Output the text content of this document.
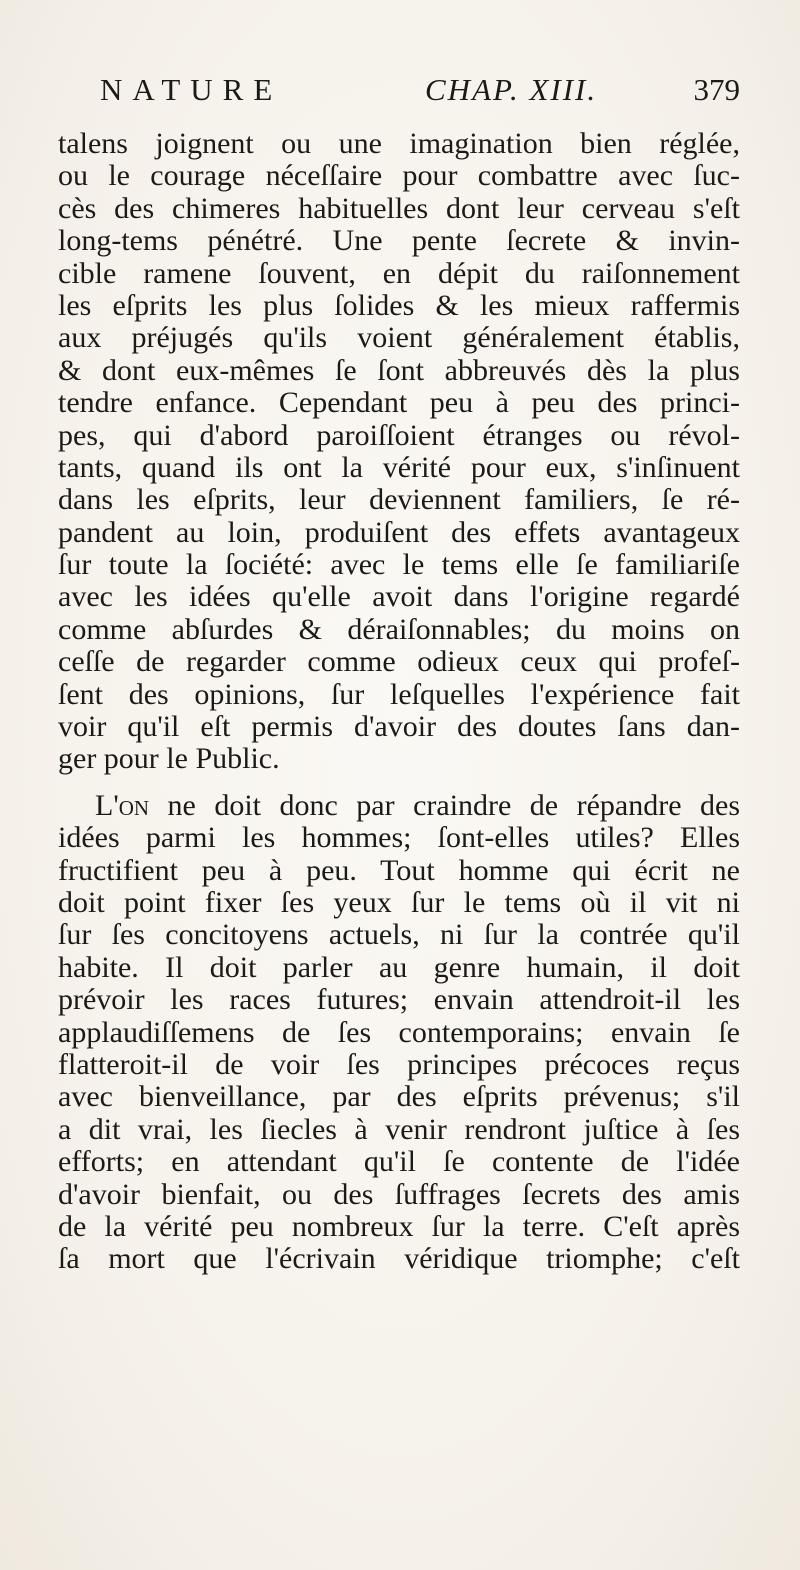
NATURE	CHAP. XIII.	379
talens joignent ou une imagination bien réglée,
ou le courage néceſſaire pour combattre avec ſuc-
cès des chimeres habituelles dont leur cerveau s'eſt
long-tems pénétré. Une pente ſecrete & invin-
cible ramene ſouvent, en dépit du raiſonnement
les eſprits les plus ſolides & les mieux raffermis
aux préjugés qu'ils voient généralement établis,
& dont eux-mêmes ſe ſont abbreuvés dès la plus
tendre enfance. Cependant peu à peu des princi-
pes, qui d'abord paroiſſoient étranges ou révol-
tants, quand ils ont la vérité pour eux, s'inſinuent
dans les eſprits, leur deviennent familiers, ſe ré-
pandent au loin, produiſent des effets avantageux
ſur toute la ſociété: avec le tems elle ſe familiariſe
avec les idées qu'elle avoit dans l'origine regardé
comme abſurdes & déraiſonnables; du moins on
ceſſe de regarder comme odieux ceux qui profeſ-
ſent des opinions, ſur leſquelles l'expérience fait
voir qu'il eſt permis d'avoir des doutes ſans dan-
ger pour le Public.
L'on ne doit donc par craindre de répandre des
idées parmi les hommes; ſont-elles utiles? Elles
fructifient peu à peu. Tout homme qui écrit ne
doit point fixer ſes yeux ſur le tems où il vit ni
ſur ſes concitoyens actuels, ni ſur la contrée qu'il
habite. Il doit parler au genre humain, il doit
prévoir les races futures; envain attendroit-il les
applaudiſſemens de ſes contemporains; envain ſe
flatteroit-il de voir ſes principes précoces reçus
avec bienveillance, par des eſprits prévenus; s'il
a dit vrai, les ſiecles à venir rendront juſtice à ſes
efforts; en attendant qu'il ſe contente de l'idée
d'avoir bienfait, ou des ſuffrages ſecrets des amis
de la vérité peu nombreux ſur la terre. C'eſt après
ſa mort que l'écrivain véridique triomphe; c'eſt
